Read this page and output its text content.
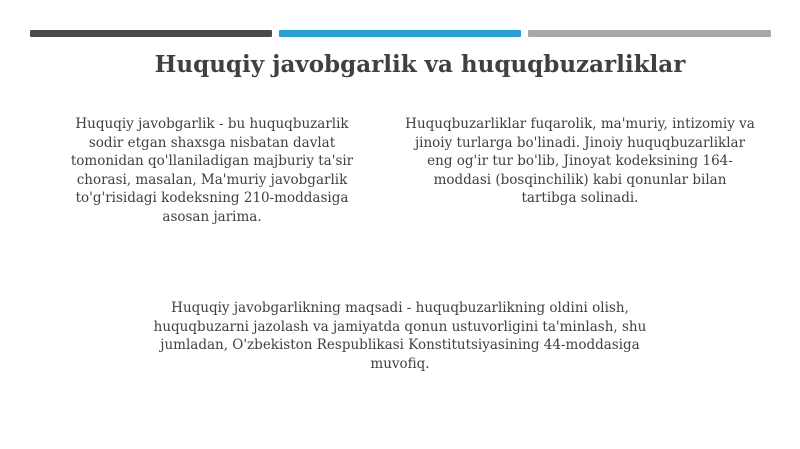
Huquqiy javobgarlik va huquqbuzarliklar

Huquqiy javobgarlik - bu huquqbuzarlik sodir etgan shaxsga nisbatan davlat tomonidan qo'llaniladigan majburiy ta'sir chorasi, masalan, Ma'muriy javobgarlik to'g'risidagi kodeksning 210-moddasiga asosan jarima.

Huquqbuzarliklar fuqarolik, ma'muriy, intizomiy va jinoiy turlarga bo'linadi. Jinoiy huquqbuzarliklar eng og'ir tur bo'lib, Jinoyat kodeksining 164-moddasi (bosqinchilik) kabi qonunlar bilan tartibga solinadi.

Huquqiy javobgarlikning maqsadi - huquqbuzarlikning oldini olish, huquqbuzarni jazolash va jamiyatda qonun ustuvorligini ta'minlash, shu jumladan, O'zbekiston Respublikasi Konstitutsiyasining 44-moddasiga muvofiq.
